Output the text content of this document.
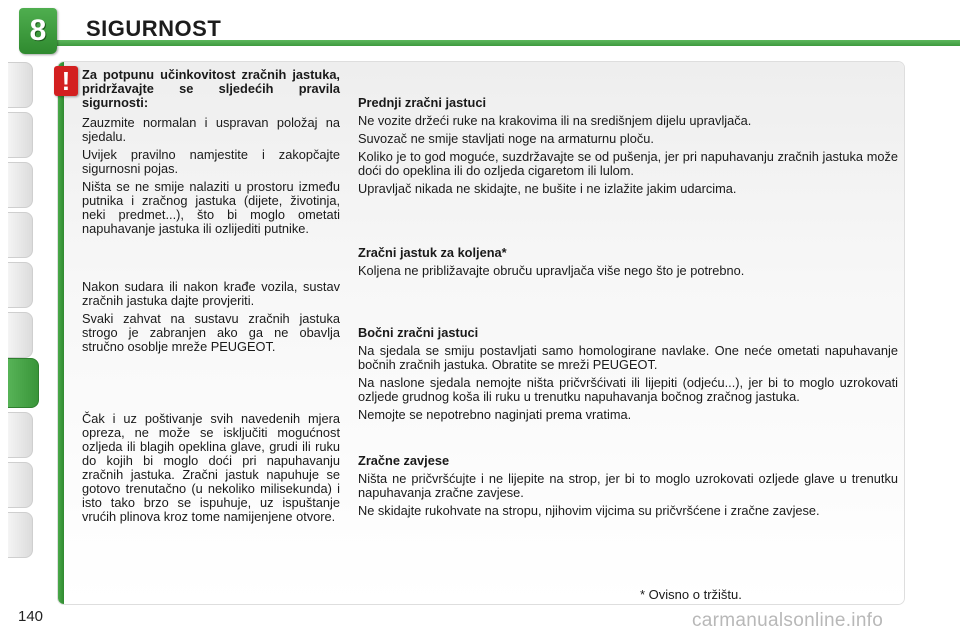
8 SIGURNOST
! Za potpunu učinkovitost zračnih jastuka, pridržavajte se sljedećih pravila sigurnosti:

Zauzmite normalan i uspravan položaj na sjedalu.

Uvijek pravilno namjestite i zakopčajte sigurnosni pojas.

Ništa se ne smije nalaziti u prostoru između putnika i zračnog jastuka (dijete, životinja, neki predmet...), što bi moglo ometati napuhavanje jastuka ili ozlijediti putnike.

Nakon sudara ili nakon krađe vozila, sustav zračnih jastuka dajte provjeriti.

Svaki zahvat na sustavu zračnih jastuka strogo je zabranjen ako ga ne obavlja stručno osoblje mreže PEUGEOT.

Čak i uz poštivanje svih navedenih mjera opreza, ne može se isključiti mogućnost ozljeda ili blagih opeklina glave, grudi ili ruku do kojih bi moglo doći pri napuhavanju zračnih jastuka. Zračni jastuk napuhuje se gotovo trenutačno (u nekoliko milisekunda) i isto tako brzo se ispuhuje, uz ispuštanje vrućih plinova kroz tome namijenjene otvore.

Prednji zračni jastuci

Ne vozite držeći ruke na krakovima ili na središnjem dijelu upravljača.

Suvozač ne smije stavljati noge na armaturnu ploču.

Koliko je to god moguće, suzdržavajte se od pušenja, jer pri napuhavanju zračnih jastuka može doći do opeklina ili do ozljeda cigaretom ili lulom.

Upravljač nikada ne skidajte, ne bušite i ne izlažite jakim udarcima.

Zračni jastuk za koljena*

Koljena ne približavajte obruču upravljača više nego što je potrebno.

Bočni zračni jastuci

Na sjedala se smiju postavljati samo homologirane navlake. One neće ometati napuhavanje bočnih zračnih jastuka. Obratite se mreži PEUGEOT.

Na naslone sjedala nemojte ništa pričvršćivati ili lijepiti (odjeću...), jer bi to moglo uzrokovati ozljede grudnog koša ili ruku u trenutku napuhavanja bočnog zračnog jastuka.

Nemojte se nepotrebno naginjati prema vratima.

Zračne zavjese

Ništa ne pričvršćujte i ne lijepite na strop, jer bi to moglo uzrokovati ozljede glave u trenutku napuhavanja zračne zavjese.

Ne skidajte rukohvate na stropu, njihovim vijcima su pričvršćene i zračne zavjese.

* Ovisno o tržištu.
140	carmanualsonline.info
